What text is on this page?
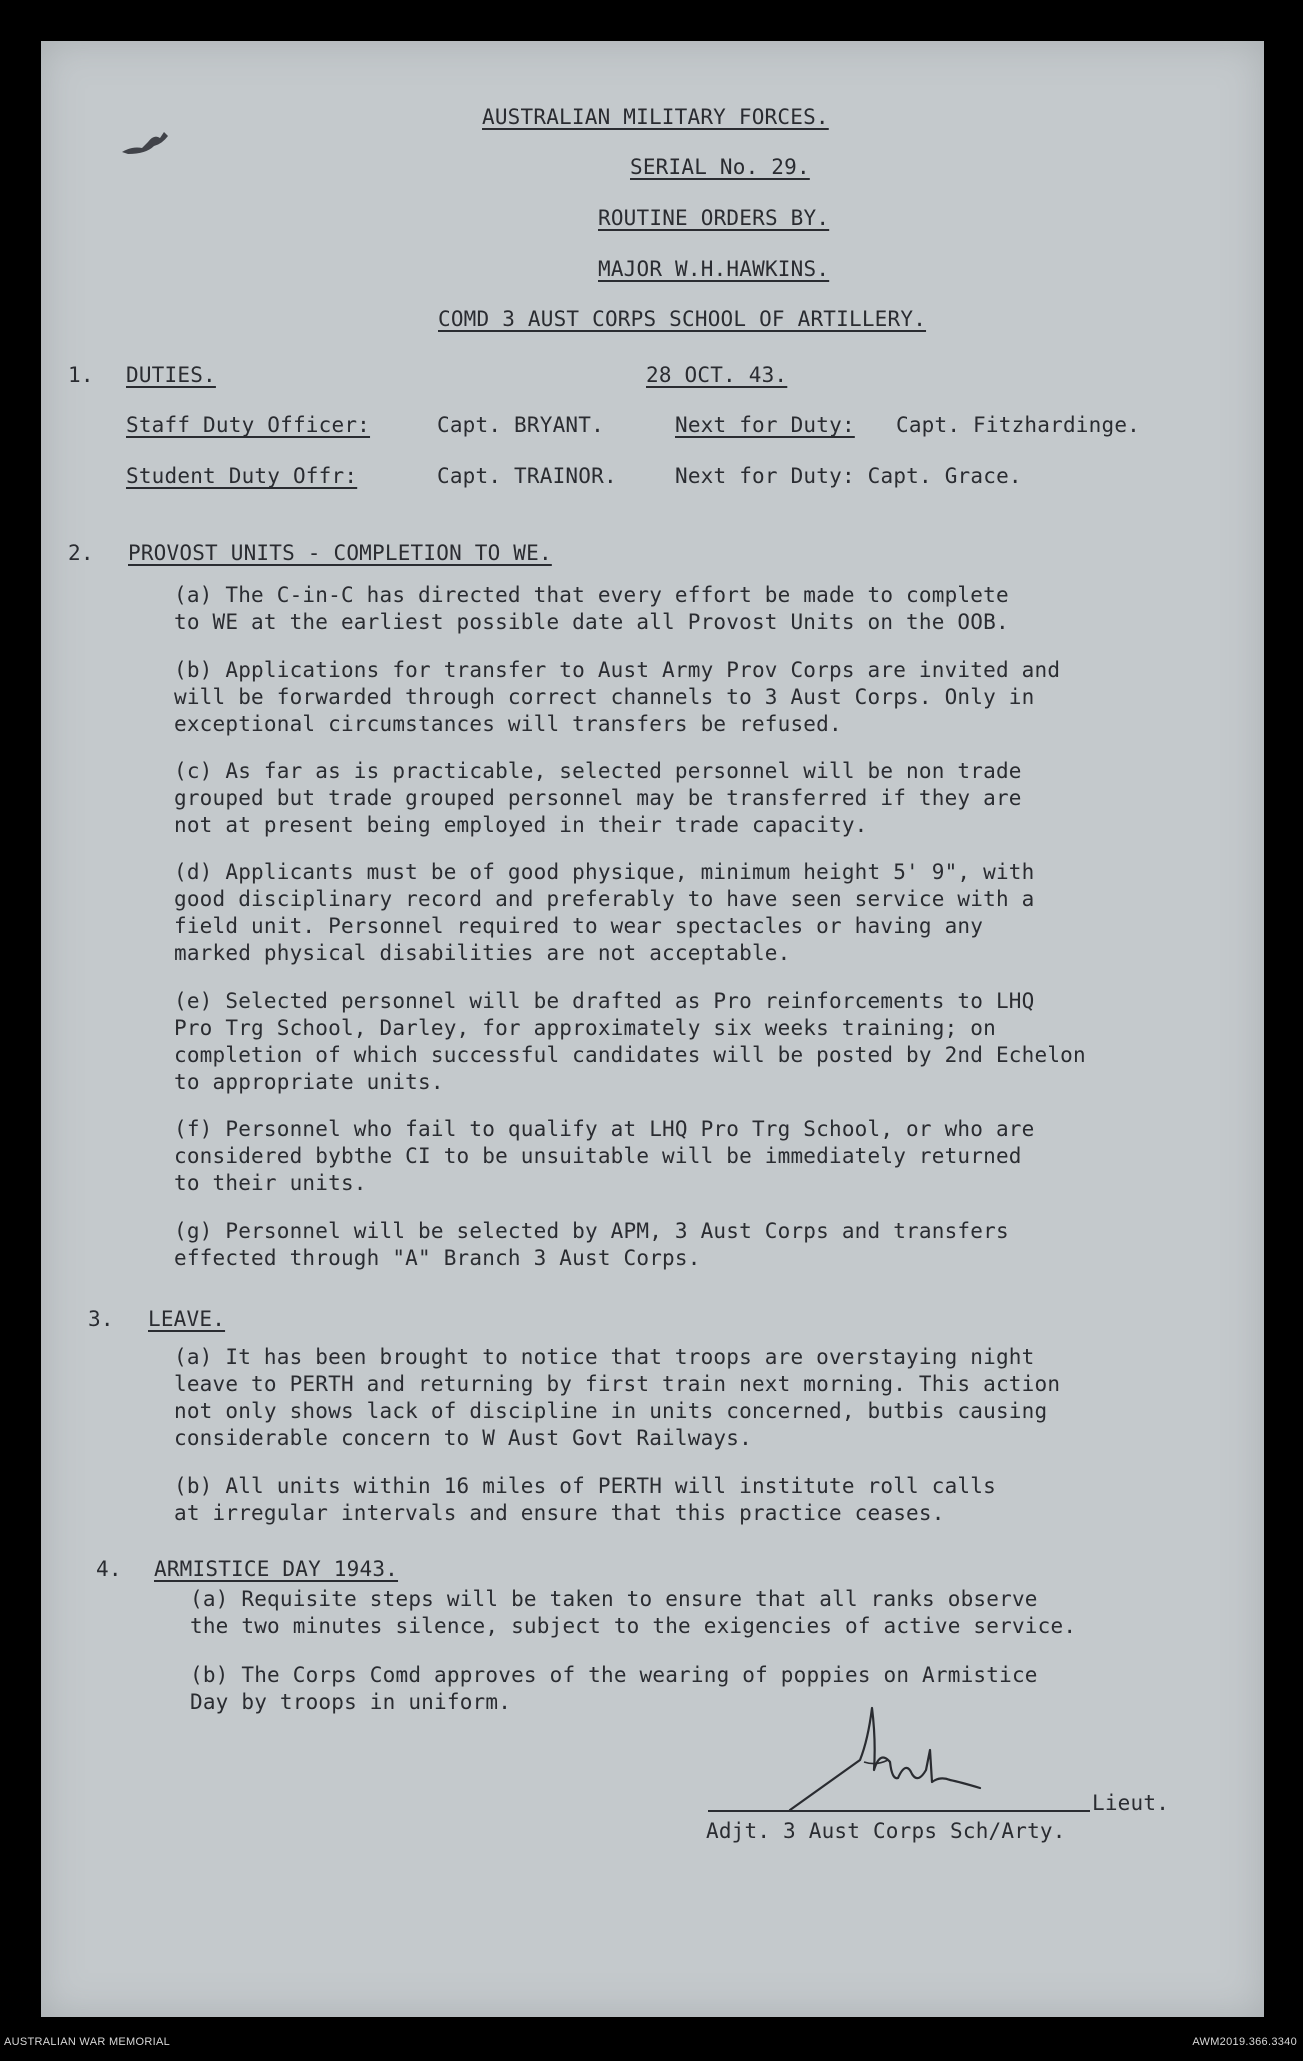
AUSTRALIAN MILITARY FORCES.
SERIAL No. 29.
ROUTINE ORDERS BY.
MAJOR W.H.HAWKINS.
COMD 3 AUST CORPS SCHOOL OF ARTILLERY.
1. DUTIES.	28 OCT. 43.
Staff Duty Officer:	Capt. BRYANT.	Next for Duty: Capt. Fitzhardinge.
Student Duty Offr:	Capt. TRAINOR.	Next for Duty: Capt. Grace.
2. PROVOST UNITS - COMPLETION TO WE.
(a) The C-in-C has directed that every effort be made to complete
to WE at the earliest possible date all Provost Units on the OOB.
(b) Applications for transfer to Aust Army Prov Corps are invited and
will be forwarded through correct channels to 3 Aust Corps. Only in
exceptional circumstances will transfers be refused.
(c) As far as is practicable, selected personnel will be non trade
grouped but trade grouped personnel may be transferred if they are
not at present being employed in their trade capacity.
(d) Applicants must be of good physique, minimum height 5' 9", with
good disciplinary record and preferably to have seen service with a
field unit. Personnel required to wear spectacles or having any
marked physical disabilities are not acceptable.
(e) Selected personnel will be drafted as Pro reinforcements to LHQ
Pro Trg School, Darley, for approximately six weeks training; on
completion of which successful candidates will be posted by 2nd Echelon
to appropriate units.
(f) Personnel who fail to qualify at LHQ Pro Trg School, or who are
considered bybthe CI to be unsuitable will be immediately returned
to their units.
(g) Personnel will be selected by APM, 3 Aust Corps and transfers
effected through "A" Branch 3 Aust Corps.
3. LEAVE.
(a) It has been brought to notice that troops are overstaying night
leave to PERTH and returning by first train next morning. This action
not only shows lack of discipline in units concerned, butbis causing
considerable concern to W Aust Govt Railways.
(b) All units within 16 miles of PERTH will institute roll calls
at irregular intervals and ensure that this practice ceases.
4. ARMISTICE DAY 1943.
(a) Requisite steps will be taken to ensure that all ranks observe
the two minutes silence, subject to the exigencies of active service.
(b) The Corps Comd approves of the wearing of poppies on Armistice
Day by troops in uniform.
Lieut.
Adjt. 3 Aust Corps Sch/Arty.
AUSTRALIAN WAR MEMORIAL	AWM2019.366.3340
